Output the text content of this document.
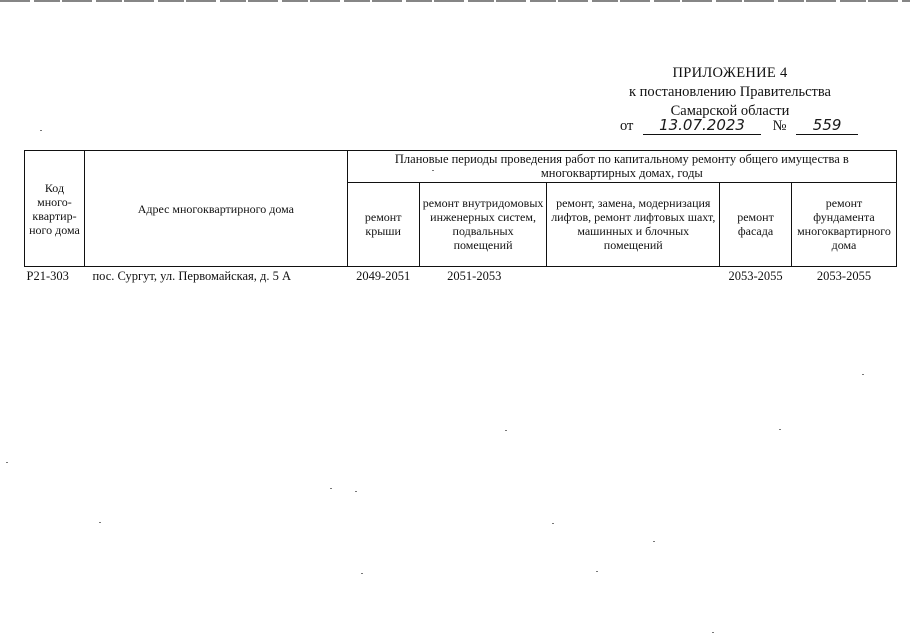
ПРИЛОЖЕНИЕ 4
к постановлению Правительства
Самарской области
от 13.07.2023 № 559
Код много-квартир-ного дома	Адрес многоквартирного дома	Плановые периоды проведения работ по капитальному ремонту общего имущества в многоквартирных домах, годы				
		ремонт крыши	ремонт внутридомовых инженерных систем, подвальных помещений	ремонт, замена, модернизация лифтов, ремонт лифтовых шахт, машинных и блочных помещений	ремонт фасада	ремонт фундамента многоквартирного дома
Р21-303	пос. Сургут, ул. Первомайская, д. 5 А	2049-2051	2051-2053		2053-2055	2053-2055
